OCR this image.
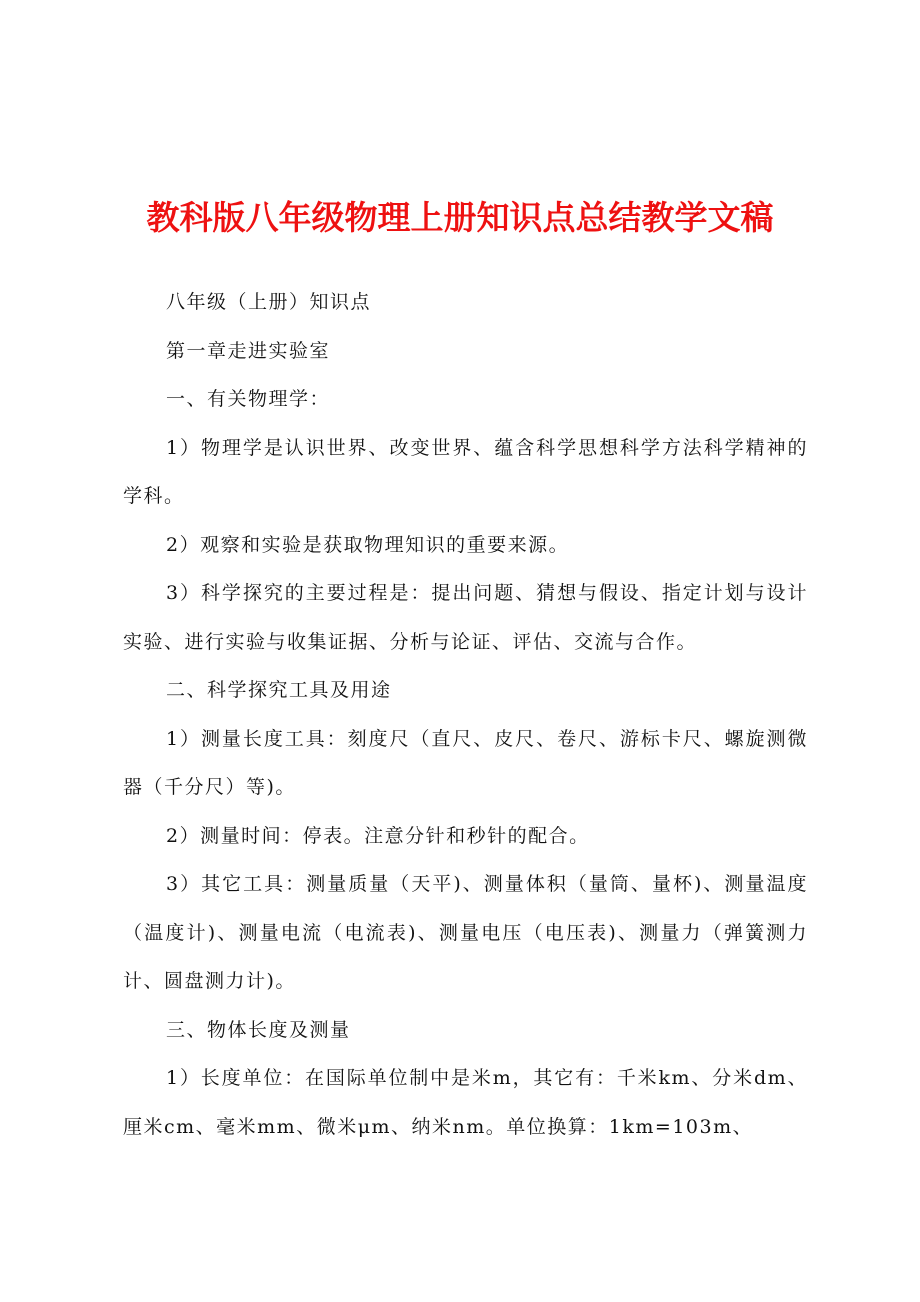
教科版八年级物理上册知识点总结教学文稿

八年级（上册）知识点

第一章走进实验室

一、有关物理学：

1）物理学是认识世界、改变世界、蕴含科学思想科学方法科学精神的学科。

2）观察和实验是获取物理知识的重要来源。

3）科学探究的主要过程是：提出问题、猜想与假设、指定计划与设计实验、进行实验与收集证据、分析与论证、评估、交流与合作。

二、科学探究工具及用途

1）测量长度工具：刻度尺（直尺、皮尺、卷尺、游标卡尺、螺旋测微器（千分尺）等)。

2）测量时间：停表。注意分针和秒针的配合。

3）其它工具：测量质量（天平)、测量体积（量筒、量杯)、测量温度（温度计)、测量电流（电流表)、测量电压（电压表)、测量力（弹簧测力计、圆盘测力计)。

三、物体长度及测量

1）长度单位：在国际单位制中是米m，其它有：千米km、分米dm、厘米cm、毫米mm、微米μm、纳米nm。单位换算：1km=103m、
